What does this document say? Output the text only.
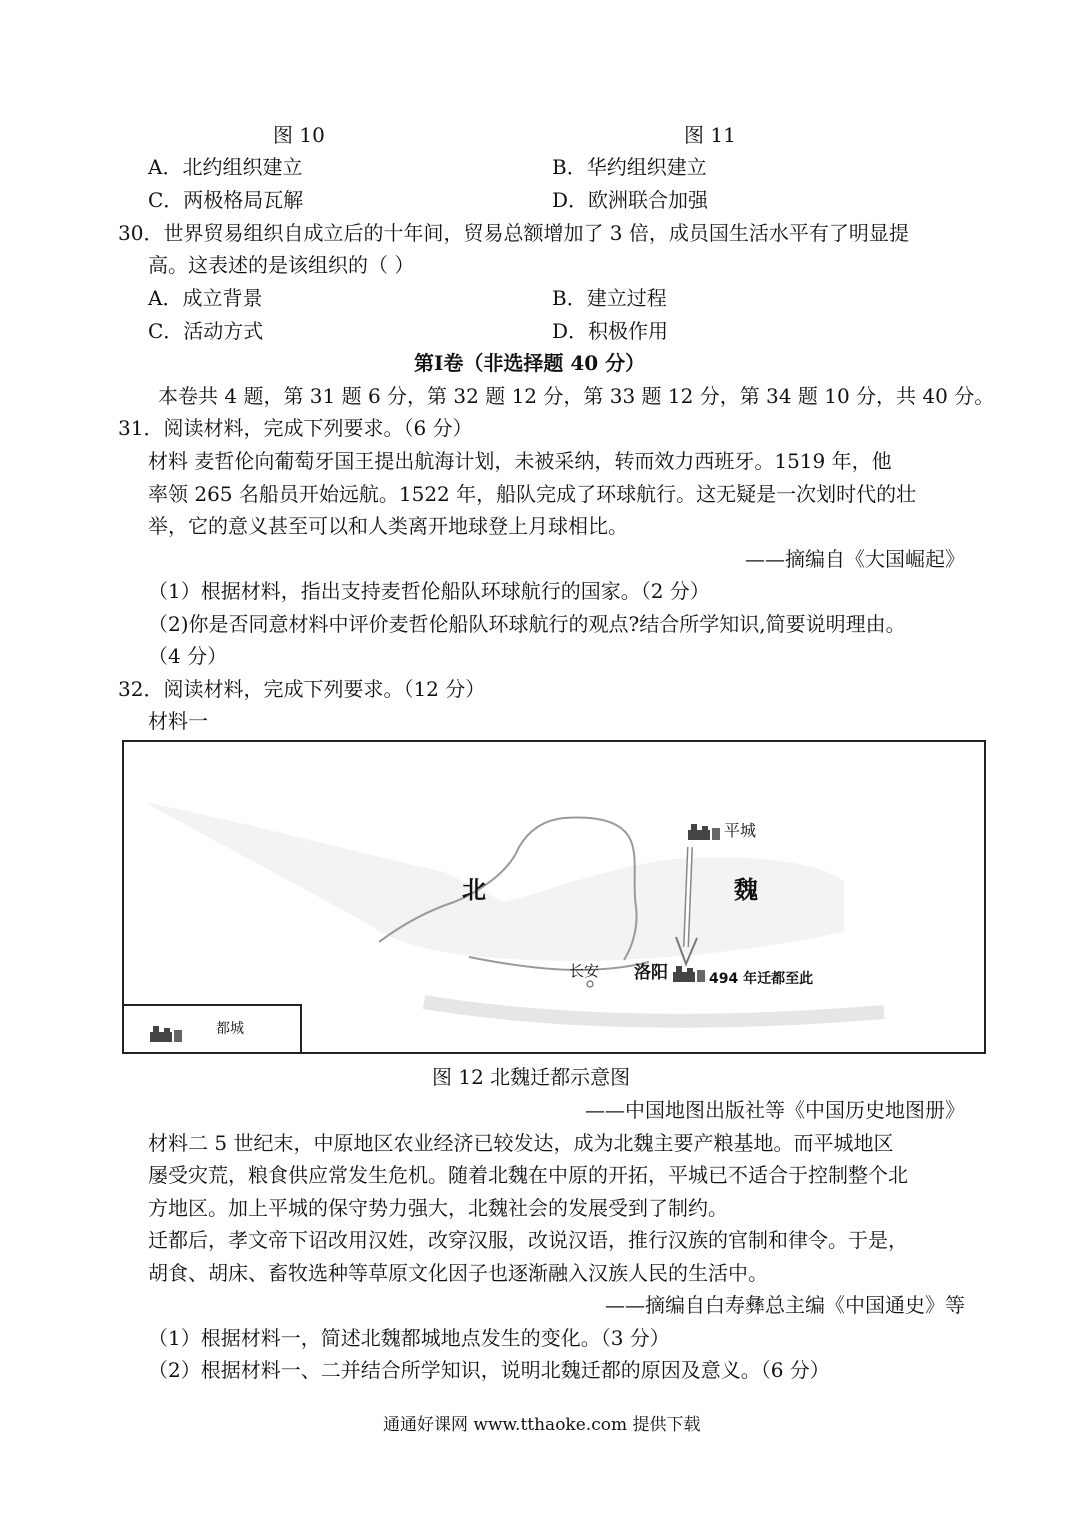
图 10	图 11
A．北约组织建立	B．华约组织建立
C．两极格局瓦解	D．欧洲联合加强
30．世界贸易组织自成立后的十年间，贸易总额增加了 3 倍，成员国生活水平有了明显提
高。这表述的是该组织的（ ）
A．成立背景	B．建立过程
C．活动方式	D．积极作用
第Ⅰ卷（非选择题 40 分）
本卷共 4 题，第 31 题 6 分，第 32 题 12 分，第 33 题 12 分，第 34 题 10 分，共 40 分。
31．阅读材料，完成下列要求。（6 分）
材料 麦哲伦向葡萄牙国王提出航海计划，未被采纳，转而效力西班牙。1519 年，他
率领 265 名船员开始远航。1522 年，船队完成了环球航行。这无疑是一次划时代的壮
举，它的意义甚至可以和人类离开地球登上月球相比。
——摘编自《大国崛起》
（1）根据材料，指出支持麦哲伦船队环球航行的国家。（2 分）
（2)你是否同意材料中评价麦哲伦船队环球航行的观点?结合所学知识,简要说明理由。
（4 分）
32．阅读材料，完成下列要求。（12 分）
材料一
平城
北	魏
长安 洛阳	494 年迁都至此
都城
图 12 北魏迁都示意图
——中国地图出版社等《中国历史地图册》
材料二 5 世纪末，中原地区农业经济已较发达，成为北魏主要产粮基地。而平城地区
屡受灾荒，粮食供应常发生危机。随着北魏在中原的开拓，平城已不适合于控制整个北
方地区。加上平城的保守势力强大，北魏社会的发展受到了制约。
迁都后，孝文帝下诏改用汉姓，改穿汉服，改说汉语，推行汉族的官制和律令。于是，
胡食、胡床、畜牧选种等草原文化因子也逐渐融入汉族人民的生活中。
——摘编自白寿彝总主编《中国通史》等
（1）根据材料一，简述北魏都城地点发生的变化。（3 分）
（2）根据材料一、二并结合所学知识，说明北魏迁都的原因及意义。（6 分）
通通好课网 www.tthaoke.com 提供下载
